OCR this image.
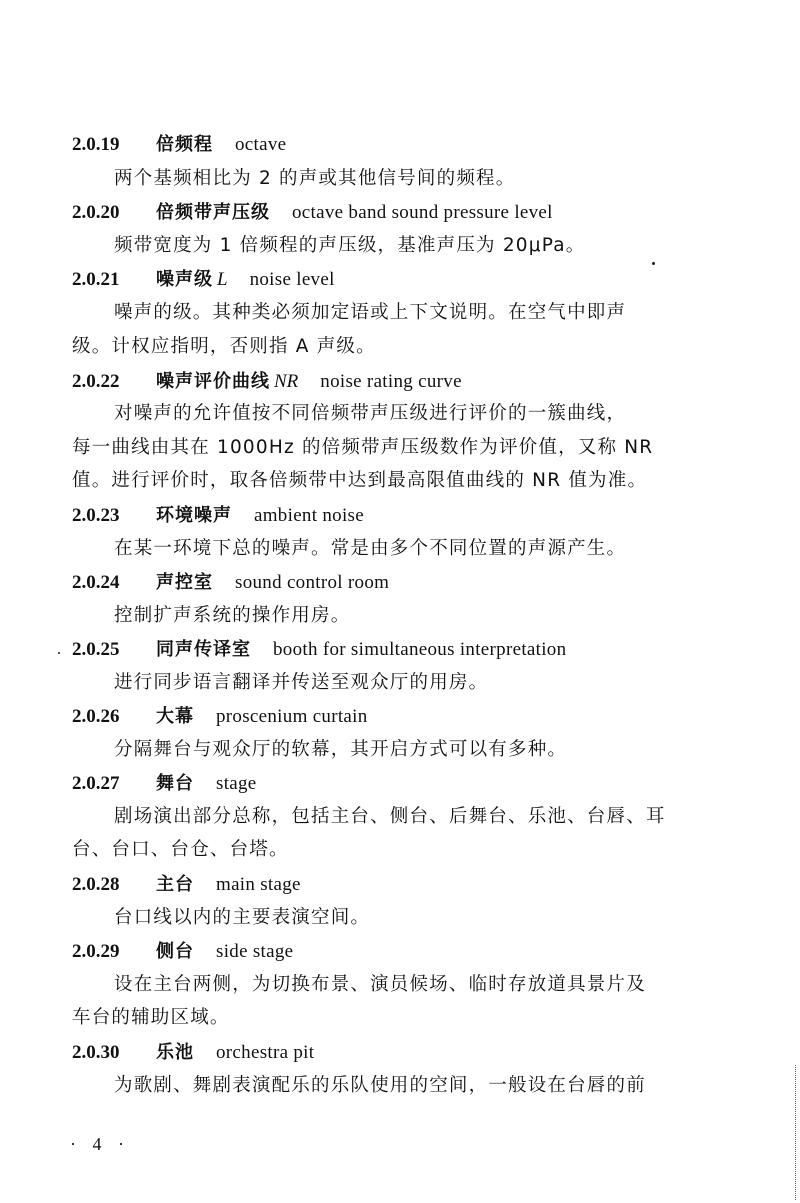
2.0.19 倍频程 octave
两个基频相比为 2 的声或其他信号间的频程。
2.0.20 倍频带声压级 octave band sound pressure level
频带宽度为 1 倍频程的声压级，基准声压为 20μPa。
2.0.21 噪声级 L noise level
噪声的级。其种类必须加定语或上下文说明。在空气中即声
级。计权应指明，否则指 A 声级。
2.0.22 噪声评价曲线 NR noise rating curve
对噪声的允许值按不同倍频带声压级进行评价的一簇曲线，
每一曲线由其在 1000Hz 的倍频带声压级数作为评价值，又称 NR
值。进行评价时，取各倍频带中达到最高限值曲线的 NR 值为准。
2.0.23 环境噪声 ambient noise
在某一环境下总的噪声。常是由多个不同位置的声源产生。
2.0.24 声控室 sound control room
控制扩声系统的操作用房。
2.0.25 同声传译室 booth for simultaneous interpretation
进行同步语言翻译并传送至观众厅的用房。
2.0.26 大幕 proscenium curtain
分隔舞台与观众厅的软幕，其开启方式可以有多种。
2.0.27 舞台 stage
剧场演出部分总称，包括主台、侧台、后舞台、乐池、台唇、耳
台、台口、台仓、台塔。
2.0.28 主台 main stage
台口线以内的主要表演空间。
2.0.29 侧台 side stage
设在主台两侧，为切换布景、演员候场、临时存放道具景片及
车台的辅助区域。
2.0.30 乐池 orchestra pit
为歌剧、舞剧表演配乐的乐队使用的空间，一般设在台唇的前
· 4 ·
